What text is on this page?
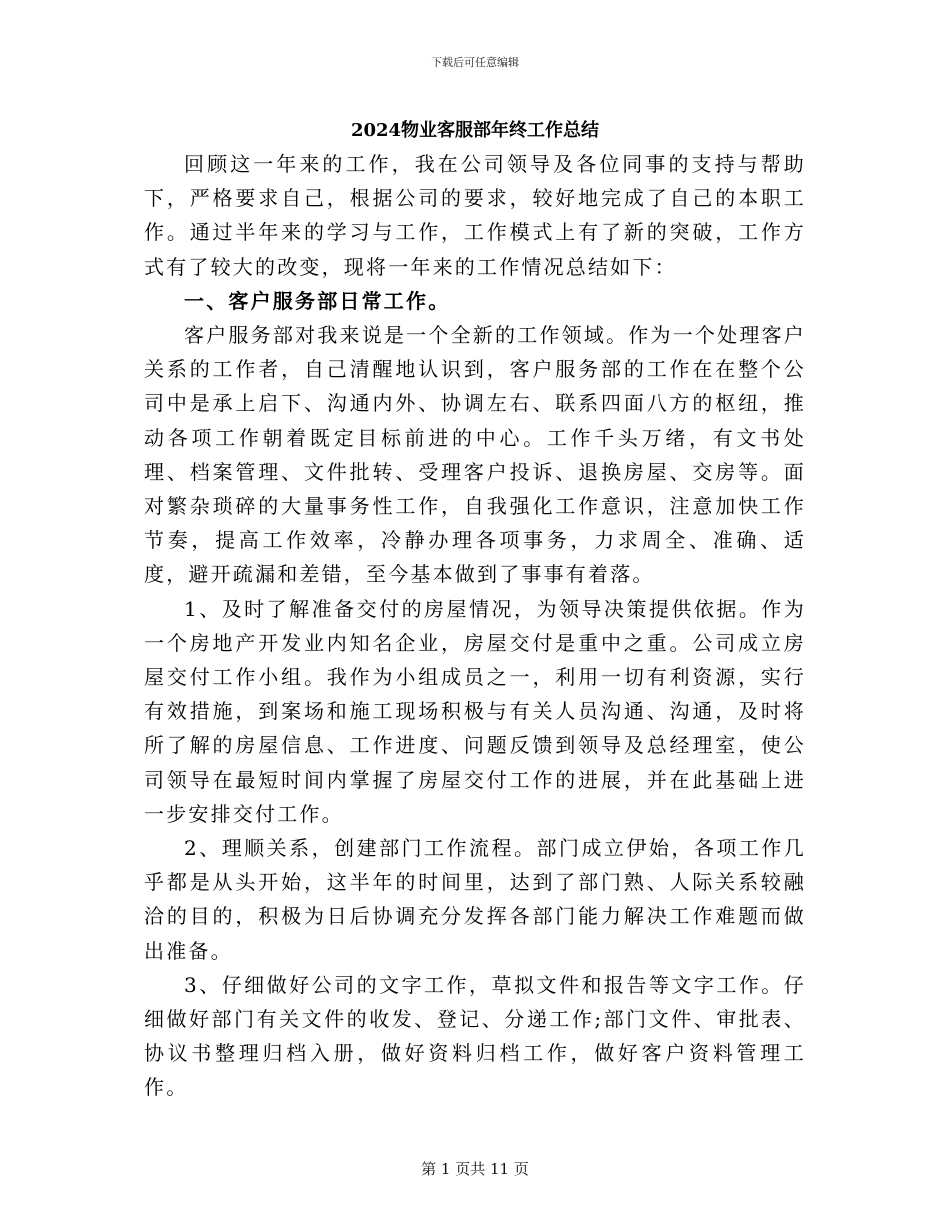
下载后可任意编辑
2024物业客服部年终工作总结

回顾这一年来的工作，我在公司领导及各位同事的支持与帮助下，严格要求自己，根据公司的要求，较好地完成了自己的本职工作。通过半年来的学习与工作，工作模式上有了新的突破，工作方式有了较大的改变，现将一年来的工作情况总结如下：

一、客户服务部日常工作。

客户服务部对我来说是一个全新的工作领域。作为一个处理客户关系的工作者，自己清醒地认识到，客户服务部的工作在在整个公司中是承上启下、沟通内外、协调左右、联系四面八方的枢纽，推动各项工作朝着既定目标前进的中心。工作千头万绪，有文书处理、档案管理、文件批转、受理客户投诉、退换房屋、交房等。面对繁杂琐碎的大量事务性工作，自我强化工作意识，注意加快工作节奏，提高工作效率，冷静办理各项事务，力求周全、准确、适度，避开疏漏和差错，至今基本做到了事事有着落。

1、及时了解准备交付的房屋情况，为领导决策提供依据。作为一个房地产开发业内知名企业，房屋交付是重中之重。公司成立房屋交付工作小组。我作为小组成员之一，利用一切有利资源，实行有效措施，到案场和施工现场积极与有关人员沟通、沟通，及时将所了解的房屋信息、工作进度、问题反馈到领导及总经理室，使公司领导在最短时间内掌握了房屋交付工作的进展，并在此基础上进一步安排交付工作。

2、理顺关系，创建部门工作流程。部门成立伊始，各项工作几乎都是从头开始，这半年的时间里，达到了部门熟、人际关系较融洽的目的，积极为日后协调充分发挥各部门能力解决工作难题而做出准备。

3、仔细做好公司的文字工作，草拟文件和报告等文字工作。仔细做好部门有关文件的收发、登记、分递工作;部门文件、审批表、协议书整理归档入册，做好资料归档工作，做好客户资料管理工作。

第 1 页共 11 页
